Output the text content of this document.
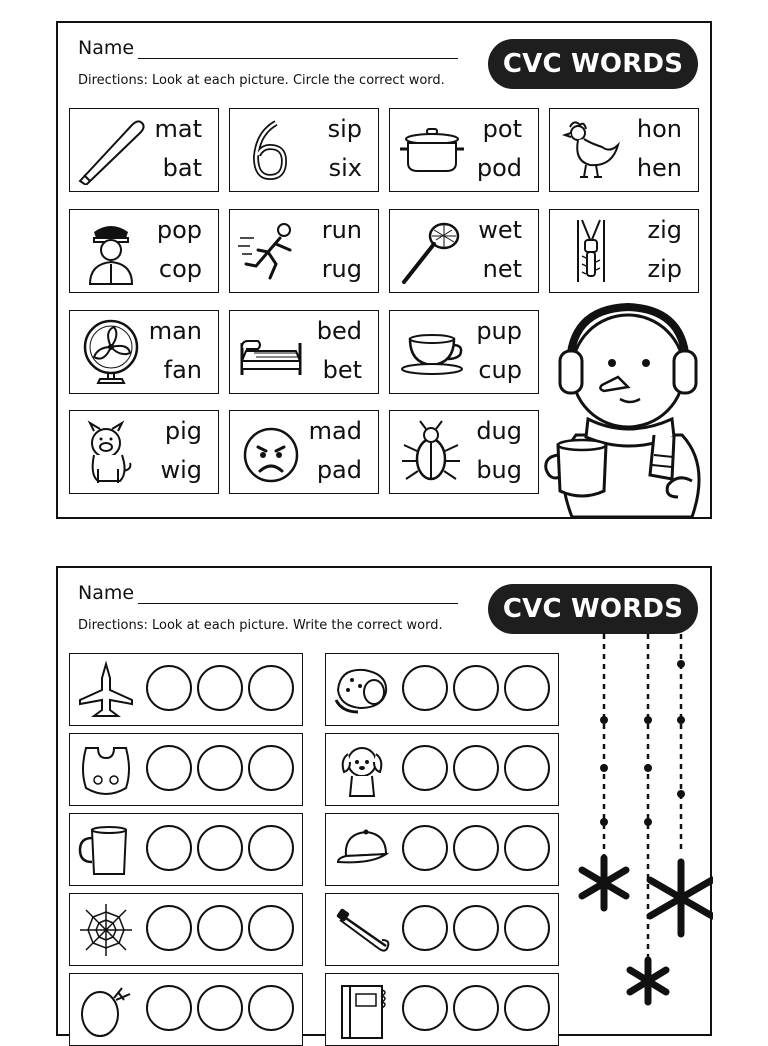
Name
Directions: Look at each picture. Circle the correct word.
CVC WORDS
mat
bat
sip
six
pot
pod
hon
hen
pop
cop
run
rug
wet
net
zig
zip
man
fan
bed
bet
pup
cup
pig
wig
mad
pad
dug
bug
Name
Directions: Look at each picture. Write the correct word.
CVC WORDS
